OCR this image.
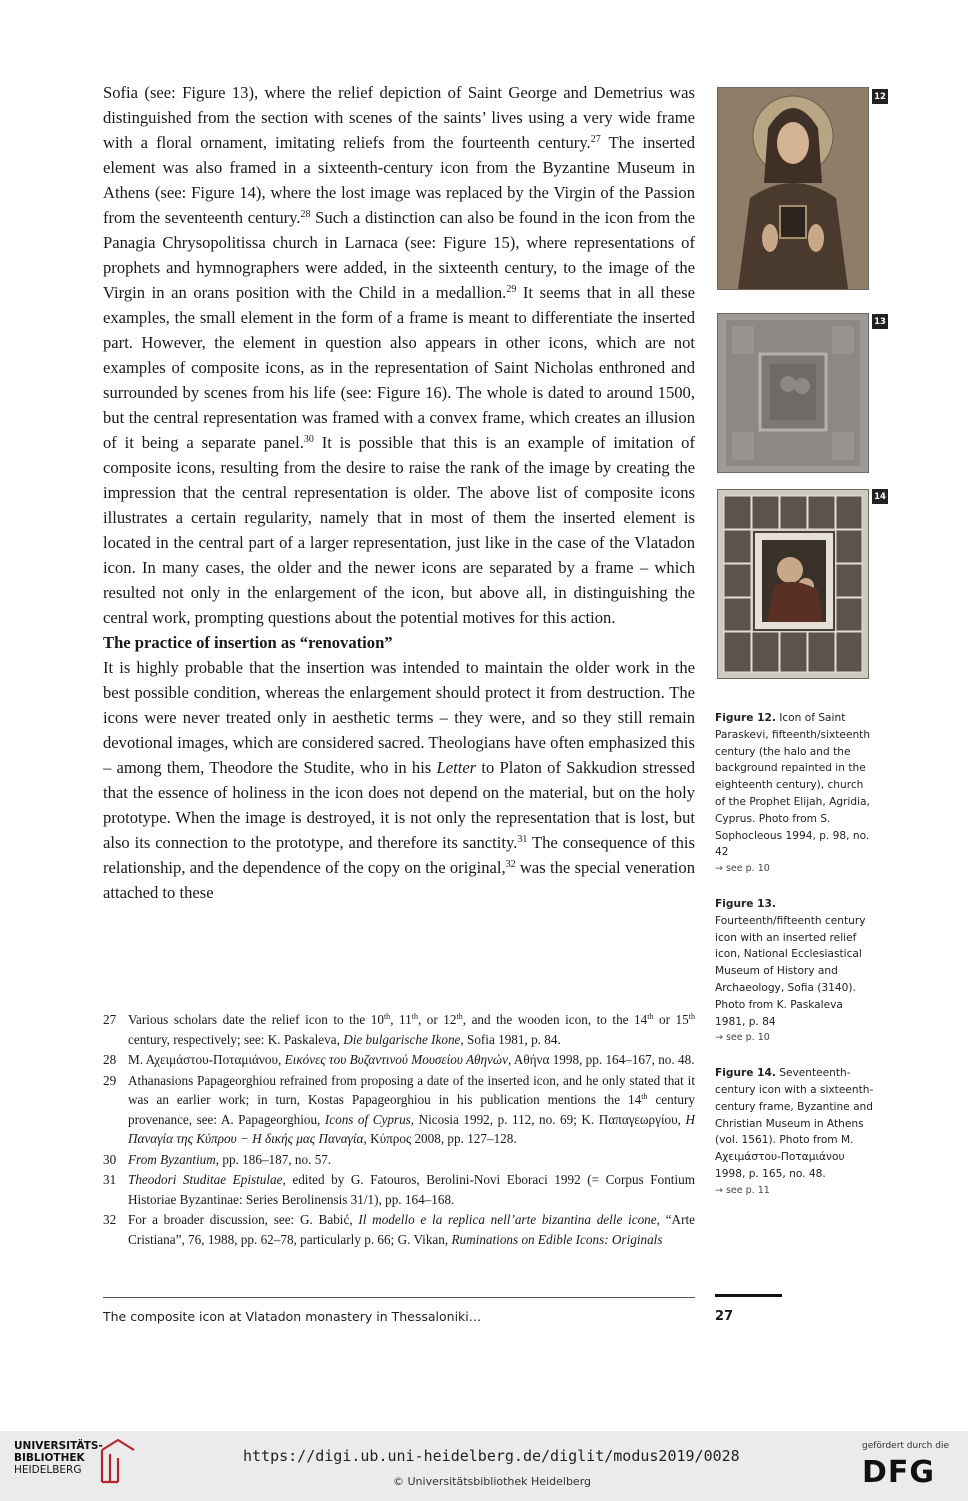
Sofia (see: Figure 13), where the relief depiction of Saint George and Demetrius was distinguished from the section with scenes of the saints’ lives using a very wide frame with a floral ornament, imitating reliefs from the fourteenth century.$^{27}$ The inserted element was also framed in a sixteenth-century icon from the Byzantine Museum in Athens (see: Figure 14), where the lost image was replaced by the Virgin of the Passion from the seventeenth century.$^{28}$ Such a distinction can also be found in the icon from the Panagia Chrysopolitissa church in Larnaca (see: Figure 15), where representations of prophets and hymnographers were added, in the sixteenth century, to the image of the Virgin in an orans position with the Child in a medallion.$^{29}$ It seems that in all these examples, the small element in the form of a frame is meant to differentiate the inserted part. However, the element in question also appears in other icons, which are not examples of composite icons, as in the representation of Saint Nicholas enthroned and surrounded by scenes from his life (see: Figure 16). The whole is dated to around 1500, but the central representation was framed with a convex frame, which creates an illusion of it being a separate panel.$^{30}$ It is possible that this is an example of imitation of composite icons, resulting from the desire to raise the rank of the image by creating the impression that the central representation is older. The above list of composite icons illustrates a certain regularity, namely that in most of them the inserted element is located in the central part of a larger representation, just like in the case of the Vlatadon icon. In many cases, the older and the newer icons are separated by a frame – which resulted not only in the enlargement of the icon, but above all, in distinguishing the central work, prompting questions about the potential motives for this action.

The practice of insertion as “renovation”

It is highly probable that the insertion was intended to maintain the older work in the best possible condition, whereas the enlargement should protect it from destruction. The icons were never treated only in aesthetic terms – they were, and so they still remain devotional images, which are considered sacred. Theologians have often emphasized this – among them, Theodore the Studite, who in his Letter to Platon of Sakkudion stressed that the essence of holiness in the icon does not depend on the material, but on the holy prototype. When the image is destroyed, it is not only the representation that is lost, but also its connection to the prototype, and therefore its sanctity.$^{31}$ The consequence of this relationship, and the dependence of the copy on the original,$^{32}$ was the special veneration attached to these

27 Various scholars date the relief icon to the 10th, 11th, or 12th, and the wooden icon, to the 14th or 15th century, respectively; see: K. Paskaleva, Die bulgarische Ikone, Sofia 1981, p. 84.
28 Μ. Αχειμάστου-Ποταμιάνου, Εικόνες του Βυζαντινού Μουσείου Αθηνών, Αθήνα 1998, pp. 164–167, no. 48.
29 Athanasions Papageorghiou refrained from proposing a date of the inserted icon, and he only stated that it was an earlier work; in turn, Kostas Papageorghiou in his publication mentions the 14th century provenance, see: A. Papageorghiou, Icons of Cyprus, Nicosia 1992, p. 112, no. 69; Κ. Παπαγεωργίου, Η Παναγία της Κύπρου − Η δικής μας Παναγία, Κύπρος 2008, pp. 127–128.
30 From Byzantium, pp. 186–187, no. 57.
31 Theodori Studitae Epistulae, edited by G. Fatouros, Berolini-Novi Eboraci 1992 (= Corpus Fontium Historiae Byzantinae: Series Berolinensis 31/1), pp. 164–168.
32 For a broader discussion, see: G. Babić, Il modello e la replica nell’arte bizantina delle icone, “Arte Cristiana”, 76, 1988, pp. 62–78, particularly p. 66; G. Vikan, Ruminations on Edible Icons: Originals
12
13
14
Figure 12. Icon of Saint Paraskevi, fifteenth/sixteenth century (the halo and the background repainted in the eighteenth century), church of the Prophet Elijah, Agridia, Cyprus. Photo from S. Sophocleous 1994, p. 98, no. 42
→ see p. 10
Figure 13. Fourteenth/fifteenth century icon with an inserted relief icon, National Ecclesiastical Museum of History and Archaeology, Sofia (3140). Photo from K. Paskaleva 1981, p. 84
→ see p. 10
Figure 14. Seventeenth-century icon with a sixteenth-century frame, Byzantine and Christian Museum in Athens (vol. 1561). Photo from M. Αχειμάστου-Ποταμιάνου 1998, p. 165, no. 48.
→ see p. 11
The composite icon at Vlatadon monastery in Thessaloniki…	27
UNIVERSITÄTS-
BIBLIOTHEK
HEIDELBERG
https://digi.ub.uni-heidelberg.de/diglit/modus2019/0028
© Universitätsbibliothek Heidelberg
gefördert durch die
DFG
